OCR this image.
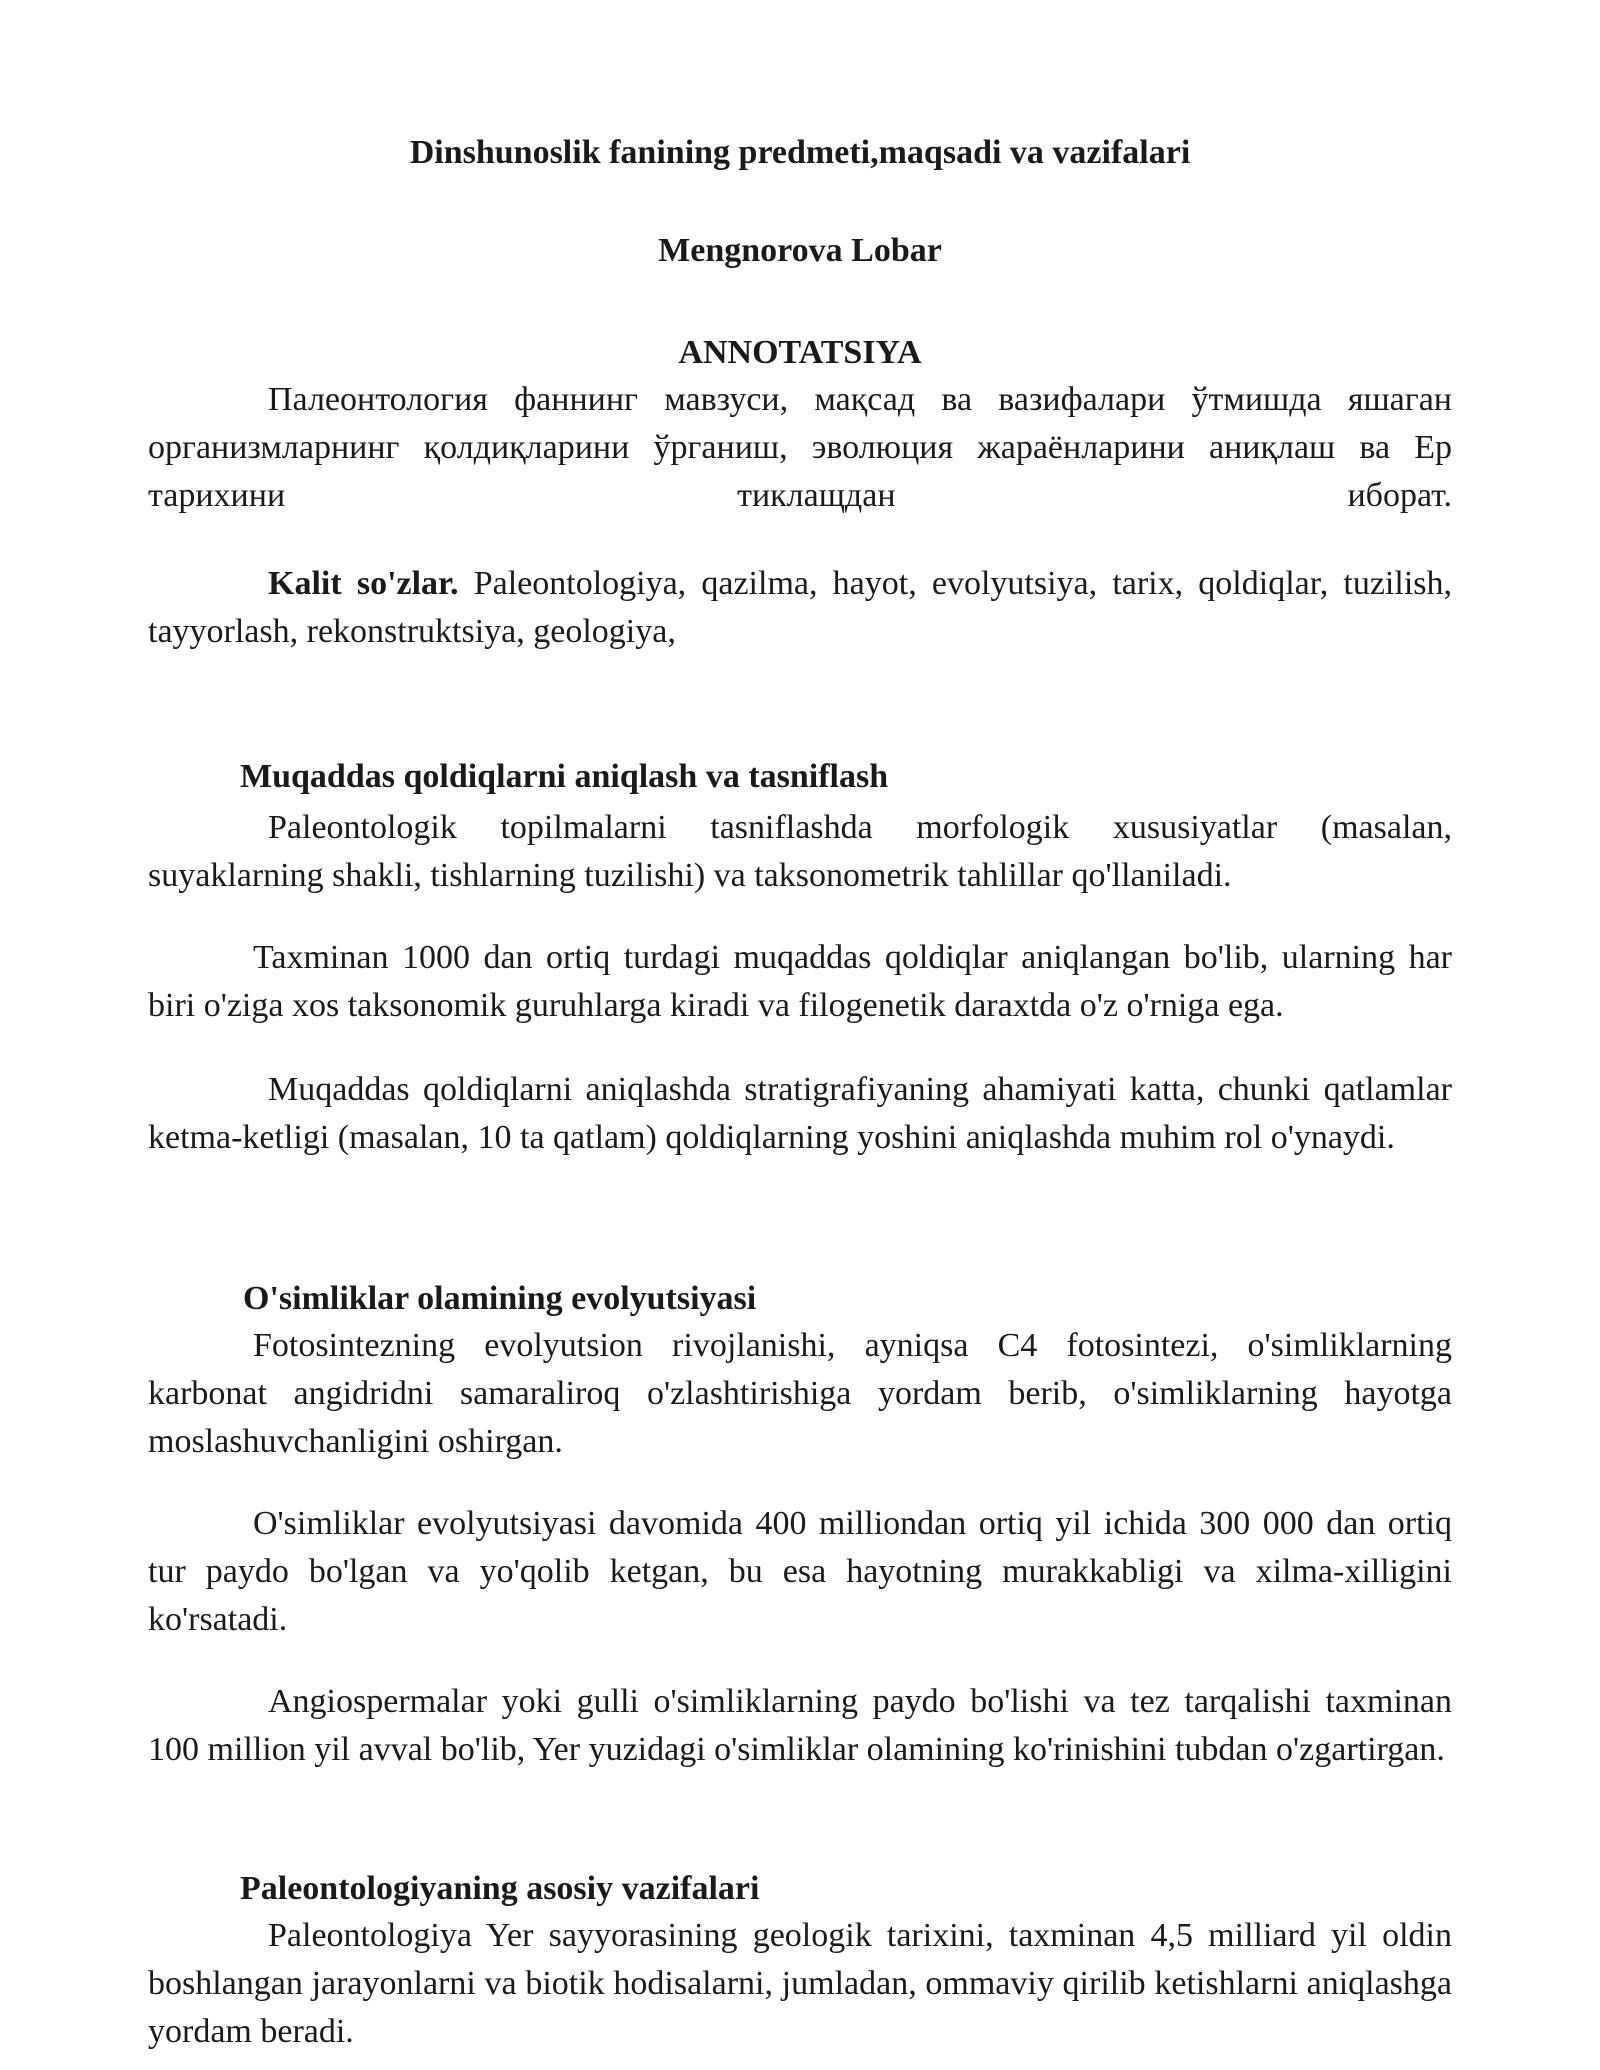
Dinshunoslik fanining predmeti,maqsadi va vazifalari

Mengnorova Lobar

ANNOTATSIYA

Палеонтология фаннинг мавзуси, мақсад ва вазифалари ўтмишда яшаган организмларнинг қолдиқларини ўрганиш, эволюция жараёнларини аниқлаш ва Ер

тарихини тиклащдан иборат.

Kalit so'zlar. Paleontologiya, qazilma, hayot, evolyutsiya, tarix, qoldiqlar, tuzilish, tayyorlash, rekonstruktsiya, geologiya,

Muqaddas qoldiqlarni aniqlash va tasniflash

Paleontologik topilmalarni tasniflashda morfologik xususiyatlar (masalan, suyaklarning shakli, tishlarning tuzilishi) va taksonometrik tahlillar qo'llaniladi.

Taxminan 1000 dan ortiq turdagi muqaddas qoldiqlar aniqlangan bo'lib, ularning har biri o'ziga xos taksonomik guruhlarga kiradi va filogenetik daraxtda o'z o'rniga ega.

Muqaddas qoldiqlarni aniqlashda stratigrafiyaning ahamiyati katta, chunki qatlamlar ketma-ketligi (masalan, 10 ta qatlam) qoldiqlarning yoshini aniqlashda muhim rol o'ynaydi.

O'simliklar olamining evolyutsiyasi

Fotosintezning evolyutsion rivojlanishi, ayniqsa C4 fotosintezi, o'simliklarning karbonat angidridni samaraliroq o'zlashtirishiga yordam berib, o'simliklarning hayotga moslashuvchanligini oshirgan.

O'simliklar evolyutsiyasi davomida 400 milliondan ortiq yil ichida 300 000 dan ortiq tur paydo bo'lgan va yo'qolib ketgan, bu esa hayotning murakkabligi va xilma-xilligini ko'rsatadi.

Angiospermalar yoki gulli o'simliklarning paydo bo'lishi va tez tarqalishi taxminan 100 million yil avval bo'lib, Yer yuzidagi o'simliklar olamining ko'rinishini tubdan o'zgartirgan.

Paleontologiyaning asosiy vazifalari

Paleontologiya Yer sayyorasining geologik tarixini, taxminan 4,5 milliard yil oldin boshlangan jarayonlarni va biotik hodisalarni, jumladan, ommaviy qirilib ketishlarni aniqlashga yordam beradi.
